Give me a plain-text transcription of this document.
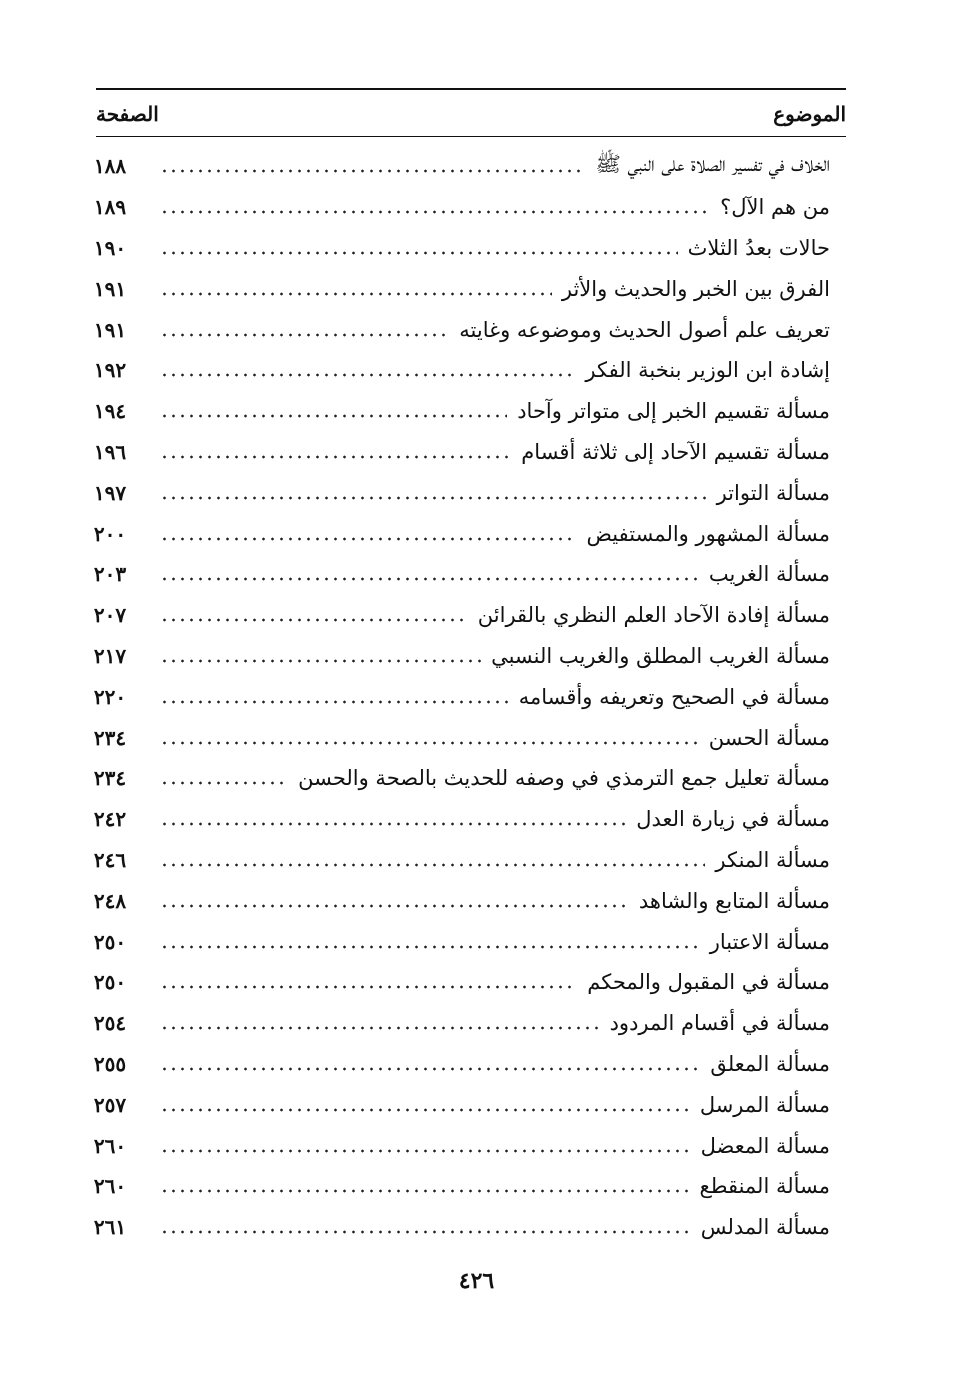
الموضوع
الصفحة
الخلاف في تفسير الصلاة على النبي ﷺ
١٨٨
من هم الآل؟
١٨٩
حالات بعدُ الثلاث
١٩٠
الفرق بين الخبر والحديث والأثر
١٩١
تعريف علم أصول الحديث وموضوعه وغايته
١٩١
إشادة ابن الوزير بنخبة الفكر
١٩٢
مسألة تقسيم الخبر إلى متواتر وآحاد
١٩٤
مسألة تقسيم الآحاد إلى ثلاثة أقسام
١٩٦
مسألة التواتر
١٩٧
مسألة المشهور والمستفيض
٢٠٠
مسألة الغريب
٢٠٣
مسألة إفادة الآحاد العلم النظري بالقرائن
٢٠٧
مسألة الغريب المطلق والغريب النسبي
٢١٧
مسألة في الصحيح وتعريفه وأقسامه
٢٢٠
مسألة الحسن
٢٣٤
مسألة تعليل جمع الترمذي في وصفه للحديث بالصحة والحسن
٢٣٤
مسألة في زيارة العدل
٢٤٢
مسألة المنكر
٢٤٦
مسألة المتابع والشاهد
٢٤٨
مسألة الاعتبار
٢٥٠
مسألة في المقبول والمحكم
٢٥٠
مسألة في أقسام المردود
٢٥٤
مسألة المعلق
٢٥٥
مسألة المرسل
٢٥٧
مسألة المعضل
٢٦٠
مسألة المنقطع
٢٦٠
مسألة المدلس
٢٦١
٤٢٦
